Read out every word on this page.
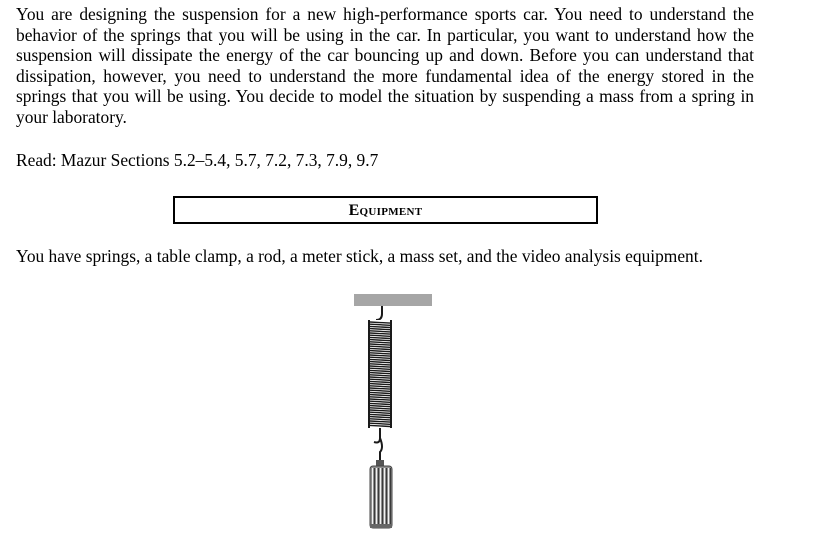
You are designing the suspension for a new high-performance sports car. You need to understand the behavior of the springs that you will be using in the car. In particular, you want to understand how the suspension will dissipate the energy of the car bouncing up and down. Before you can understand that dissipation, however, you need to understand the more fundamental idea of the energy stored in the springs that you will be using. You decide to model the situation by suspending a mass from a spring in your laboratory.

Read: Mazur Sections 5.2–5.4, 5.7, 7.2, 7.3, 7.9, 9.7

Equipment

You have springs, a table clamp, a rod, a meter stick, a mass set, and the video analysis equipment.
